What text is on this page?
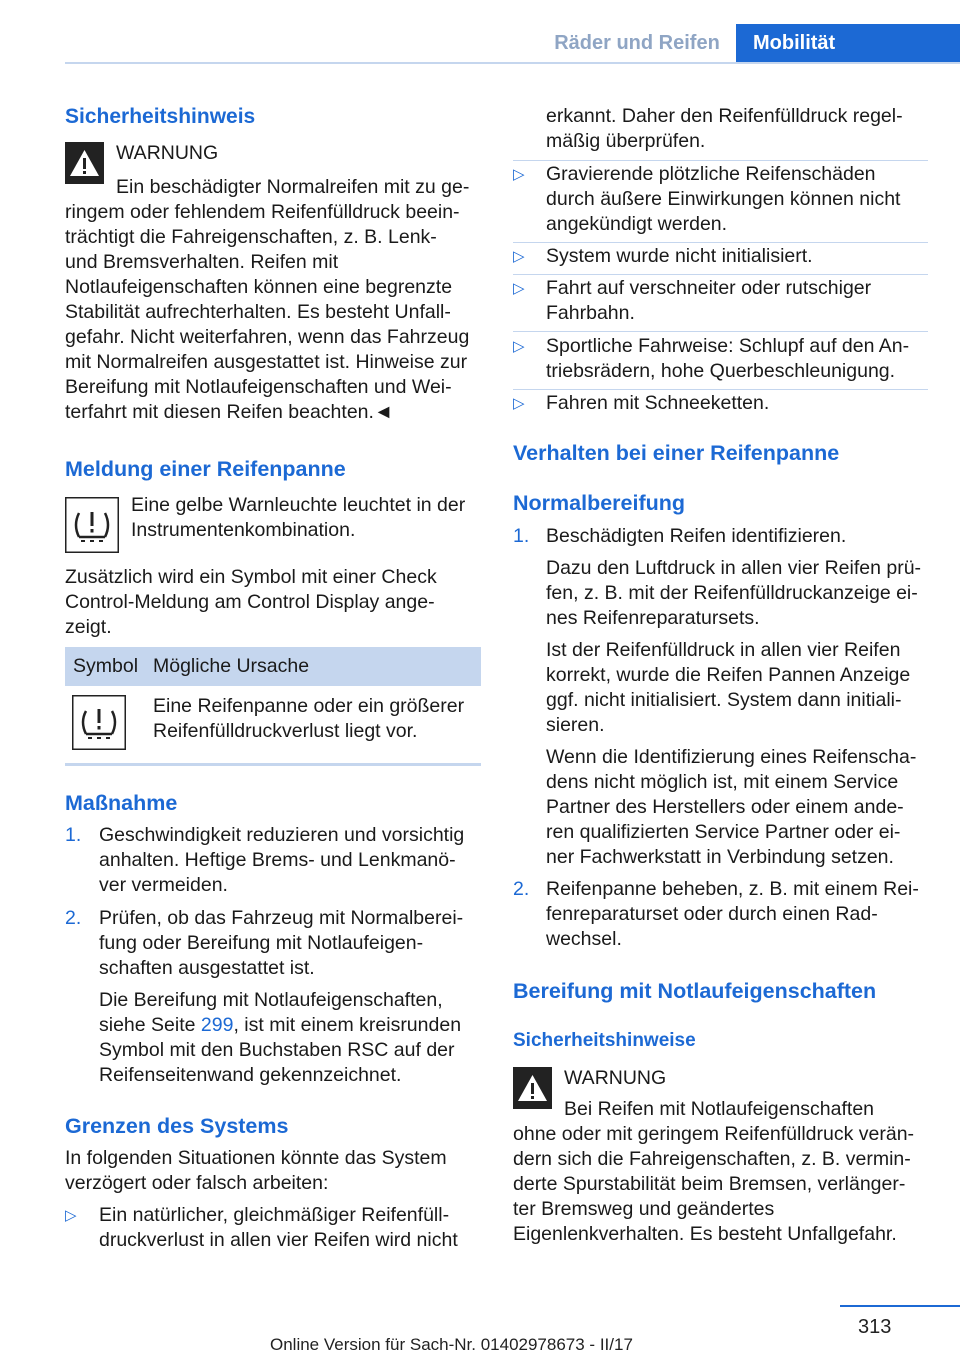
Räder und Reifen	Mobilität
Sicherheitshinweis
WARNUNG
Ein beschädigter Normalreifen mit zu ge-
ringem oder fehlendem Reifenfülldruck beein-
trächtigt die Fahreigenschaften, z. B. Lenk-
und Bremsverhalten. Reifen mit
Notlaufeigenschaften können eine begrenzte
Stabilität aufrechterhalten. Es besteht Unfall-
gefahr. Nicht weiterfahren, wenn das Fahrzeug
mit Normalreifen ausgestattet ist. Hinweise zur
Bereifung mit Notlaufeigenschaften und Wei-
terfahrt mit diesen Reifen beachten.◄
Meldung einer Reifenpanne
Eine gelbe Warnleuchte leuchtet in der
Instrumentenkombination.
Zusätzlich wird ein Symbol mit einer Check
Control-Meldung am Control Display ange-
zeigt.
Symbol Mögliche Ursache
Eine Reifenpanne oder ein größerer
Reifenfülldruckverlust liegt vor.
Maßnahme
1. Geschwindigkeit reduzieren und vorsichtig
anhalten. Heftige Brems- und Lenkmanö-
ver vermeiden.
2. Prüfen, ob das Fahrzeug mit Normalberei-
fung oder Bereifung mit Notlaufeigen-
schaften ausgestattet ist.
Die Bereifung mit Notlaufeigenschaften,
siehe Seite 299, ist mit einem kreisrunden
Symbol mit den Buchstaben RSC auf der
Reifenseitenwand gekennzeichnet.
Grenzen des Systems
In folgenden Situationen könnte das System
verzögert oder falsch arbeiten:
▷ Ein natürlicher, gleichmäßiger Reifenfüll-
druckverlust in allen vier Reifen wird nicht
erkannt. Daher den Reifenfülldruck regel-
mäßig überprüfen.
▷ Gravierende plötzliche Reifenschäden
durch äußere Einwirkungen können nicht
angekündigt werden.
▷ System wurde nicht initialisiert.
▷ Fahrt auf verschneiter oder rutschiger
Fahrbahn.
▷ Sportliche Fahrweise: Schlupf auf den An-
triebsrädern, hohe Querbeschleunigung.
▷ Fahren mit Schneeketten.
Verhalten bei einer Reifenpanne
Normalbereifung
1. Beschädigten Reifen identifizieren.
Dazu den Luftdruck in allen vier Reifen prü-
fen, z. B. mit der Reifenfülldruckanzeige ei-
nes Reifenreparatursets.
Ist der Reifenfülldruck in allen vier Reifen
korrekt, wurde die Reifen Pannen Anzeige
ggf. nicht initialisiert. System dann initiali-
sieren.
Wenn die Identifizierung eines Reifenscha-
dens nicht möglich ist, mit einem Service
Partner des Herstellers oder einem ande-
ren qualifizierten Service Partner oder ei-
ner Fachwerkstatt in Verbindung setzen.
2. Reifenpanne beheben, z. B. mit einem Rei-
fenreparaturset oder durch einen Rad-
wechsel.
Bereifung mit Notlaufeigenschaften
Sicherheitshinweise
WARNUNG
Bei Reifen mit Notlaufeigenschaften
ohne oder mit geringem Reifenfülldruck verän-
dern sich die Fahreigenschaften, z. B. vermin-
derte Spurstabilität beim Bremsen, verlänger-
ter Bremsweg und geändertes
Eigenlenkverhalten. Es besteht Unfallgefahr.
313
Online Version für Sach-Nr. 01402978673 - II/17
